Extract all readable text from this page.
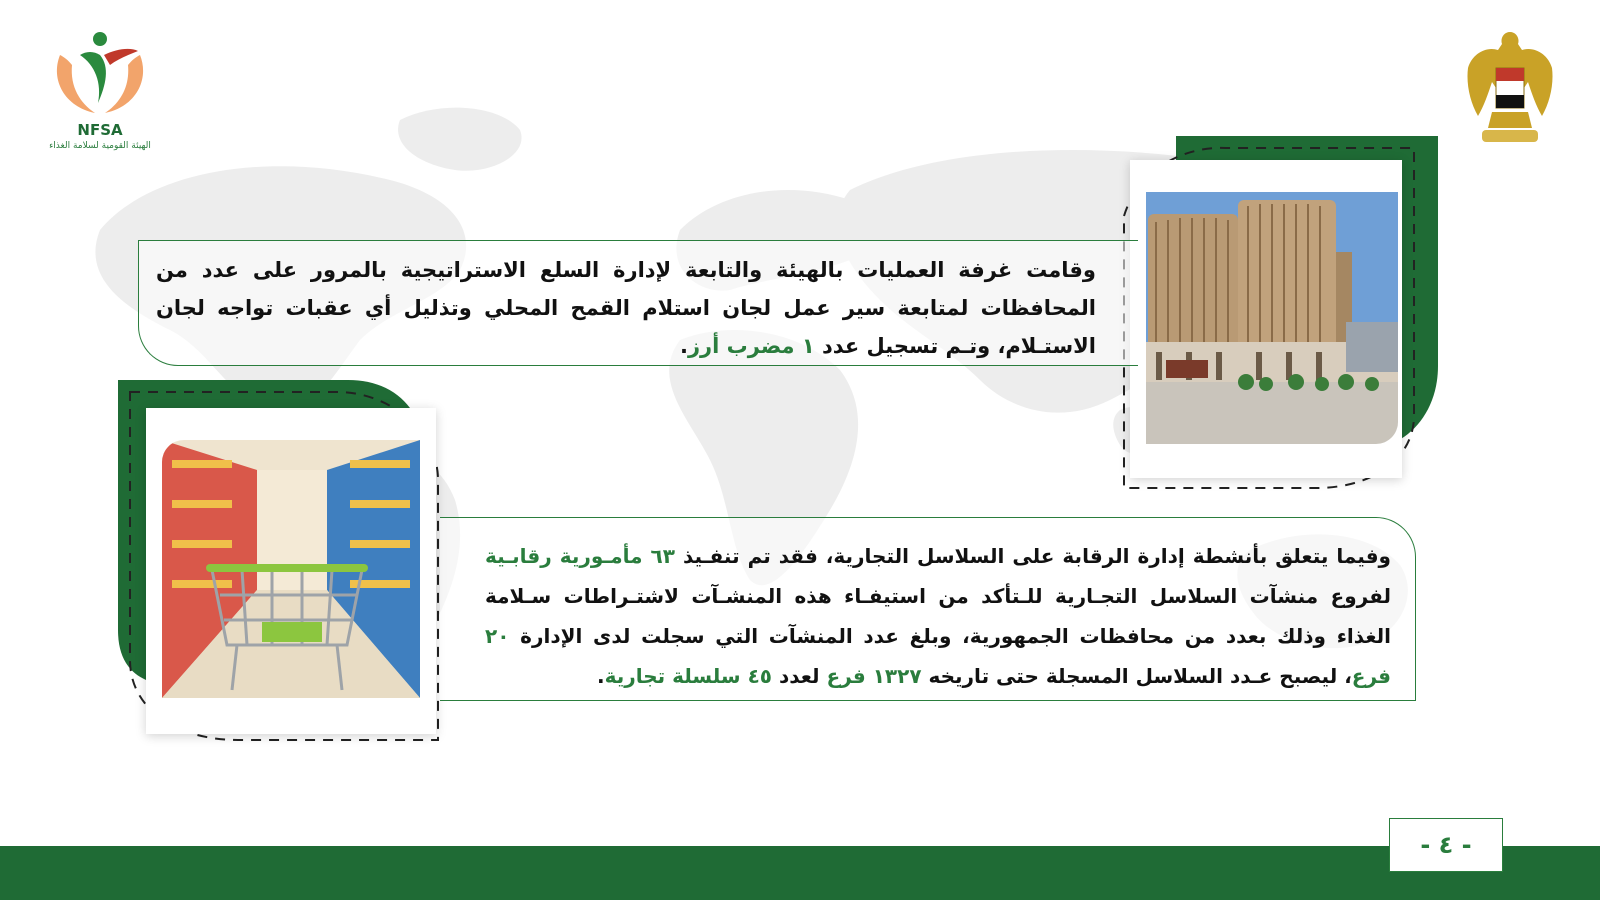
NFSA
الهيئة القومية لسلامة الغذاء

وقامت غرفة العمليات بالهيئة والتابعة لإدارة السلع الاستراتيجية بالمرور على عدد من المحافظات لمتابعة سير عمل لجان استلام القمح المحلي وتذليل أي عقبات تواجه لجان الاستـلام، وتـم تسجيل عدد ١ مضرب أرز.

وفيما يتعلق بأنشطة إدارة الرقابة على السلاسل التجارية، فقد تم تنفـيذ ٦٣ مأمـورية رقابـية لفروع منشآت السلاسل التجـارية للـتأكد من استيفـاء هذه المنشـآت لاشتـراطات سـلامة الغذاء وذلك بعدد من محافظات الجمهورية، وبلغ عدد المنشآت التي سجلت لدى الإدارة ٢٠ فرع، ليصبح عـدد السلاسل المسجلة حتى تاريخه ١٣٢٧ فرع لعدد ٤٥ سلسلة تجارية.

- ٤ -
